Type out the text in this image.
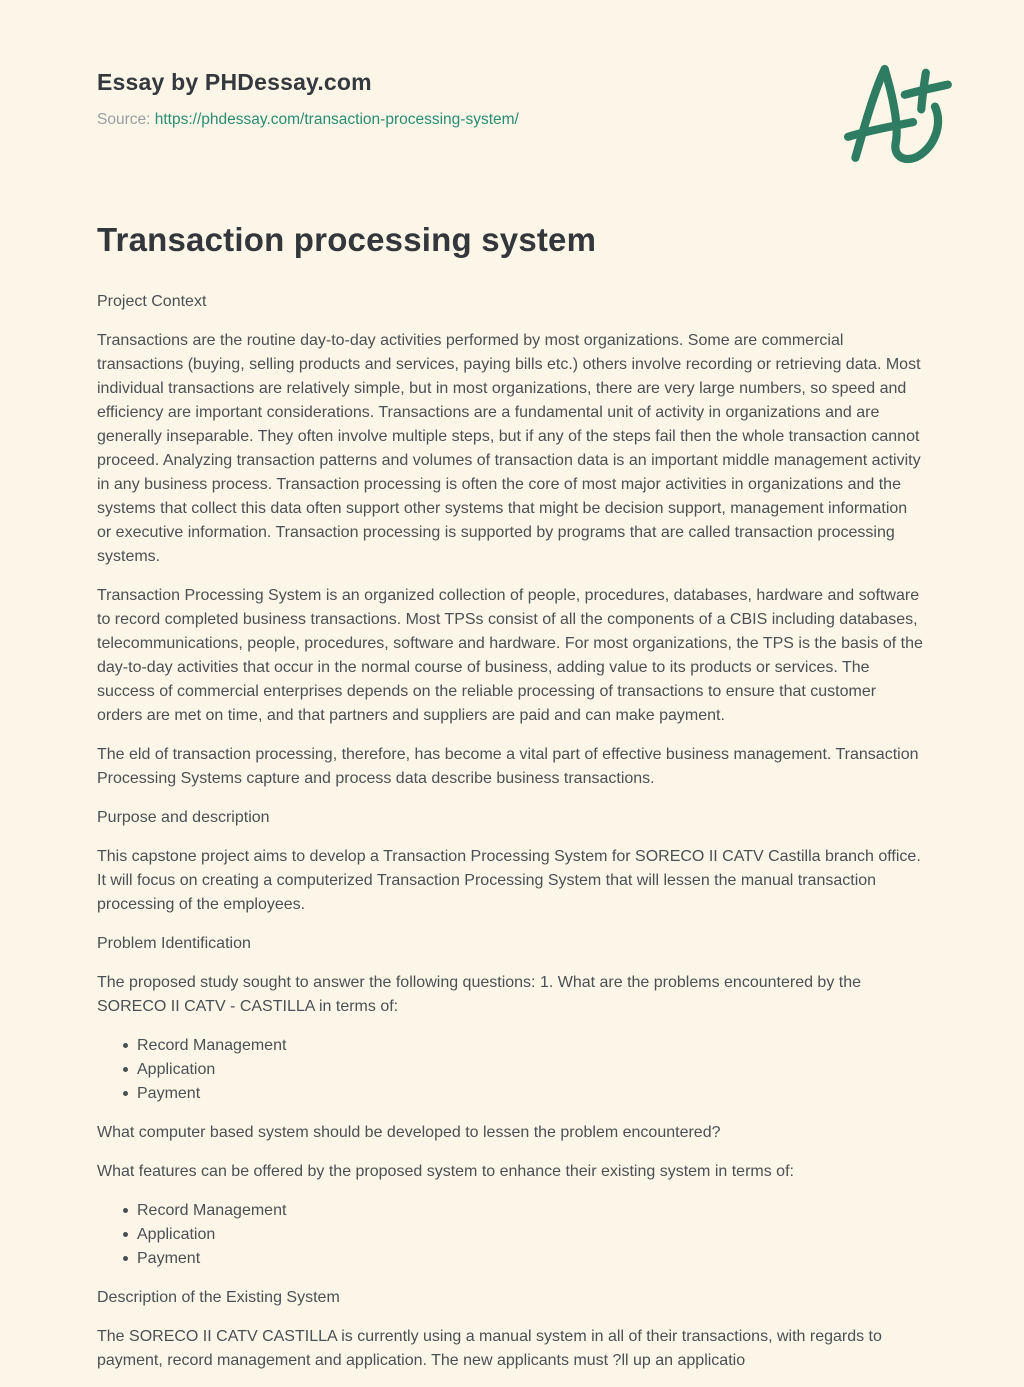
Essay by PHDessay.com
Source: https://phdessay.com/transaction-processing-system/
Transaction processing system

Project Context

Transactions are the routine day-to-day activities performed by most organizations. Some are commercial transactions (buying, selling products and services, paying bills etc.) others involve recording or retrieving data. Most individual transactions are relatively simple, but in most organizations, there are very large numbers, so speed and efficiency are important considerations. Transactions are a fundamental unit of activity in organizations and are generally inseparable. They often involve multiple steps, but if any of the steps fail then the whole transaction cannot proceed. Analyzing transaction patterns and volumes of transaction data is an important middle management activity in any business process. Transaction processing is often the core of most major activities in organizations and the systems that collect this data often support other systems that might be decision support, management information or executive information. Transaction processing is supported by programs that are called transaction processing systems.

Transaction Processing System is an organized collection of people, procedures, databases, hardware and software to record completed business transactions. Most TPSs consist of all the components of a CBIS including databases, telecommunications, people, procedures, software and hardware. For most organizations, the TPS is the basis of the day-to-day activities that occur in the normal course of business, adding value to its products or services. The success of commercial enterprises depends on the reliable processing of transactions to ensure that customer orders are met on time, and that partners and suppliers are paid and can make payment.

The eld of transaction processing, therefore, has become a vital part of effective business management. Transaction Processing Systems capture and process data describe business transactions.

Purpose and description

This capstone project aims to develop a Transaction Processing System for SORECO II CATV Castilla branch office. It will focus on creating a computerized Transaction Processing System that will lessen the manual transaction processing of the employees.

Problem Identification

The proposed study sought to answer the following questions: 1. What are the problems encountered by the SORECO II CATV - CASTILLA in terms of:

Record Management
Application
Payment

What computer based system should be developed to lessen the problem encountered?

What features can be offered by the proposed system to enhance their existing system in terms of:

Record Management
Application
Payment

Description of the Existing System

The SORECO II CATV CASTILLA is currently using a manual system in all of their transactions, with regards to payment, record management and application. The new applicants must ?ll up an applicatio
